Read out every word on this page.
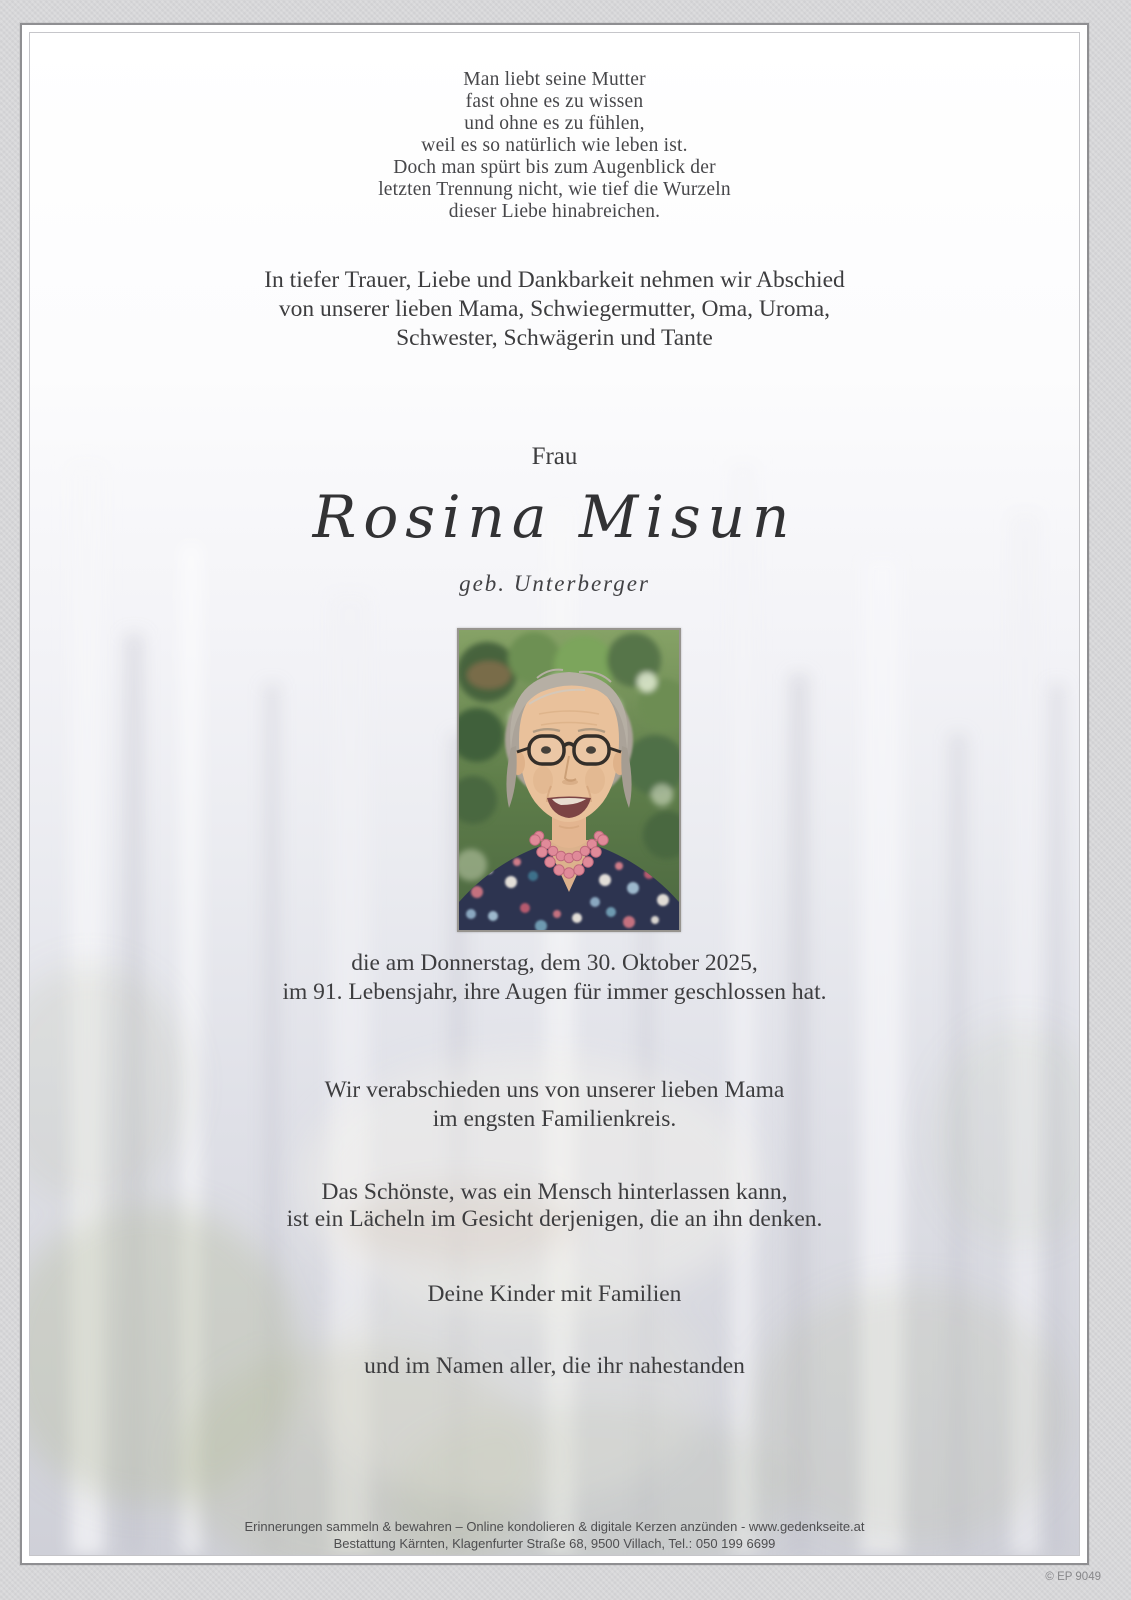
Man liebt seine Mutter
fast ohne es zu wissen
und ohne es zu fühlen,
weil es so natürlich wie leben ist.
Doch man spürt bis zum Augenblick der
letzten Trennung nicht, wie tief die Wurzeln
dieser Liebe hinabreichen.
In tiefer Trauer, Liebe und Dankbarkeit nehmen wir Abschied
von unserer lieben Mama, Schwiegermutter, Oma, Uroma,
Schwester, Schwägerin und Tante
Frau
Rosina Misun
geb. Unterberger
die am Donnerstag, dem 30. Oktober 2025,
im 91. Lebensjahr, ihre Augen für immer geschlossen hat.
Wir verabschieden uns von unserer lieben Mama
im engsten Familienkreis.
Das Schönste, was ein Mensch hinterlassen kann,
ist ein Lächeln im Gesicht derjenigen, die an ihn denken.
Deine Kinder mit Familien
und im Namen aller, die ihr nahestanden
Erinnerungen sammeln & bewahren – Online kondolieren & digitale Kerzen anzünden - www.gedenkseite.at
Bestattung Kärnten, Klagenfurter Straße 68, 9500 Villach, Tel.: 050 199 6699
© EP 9049
